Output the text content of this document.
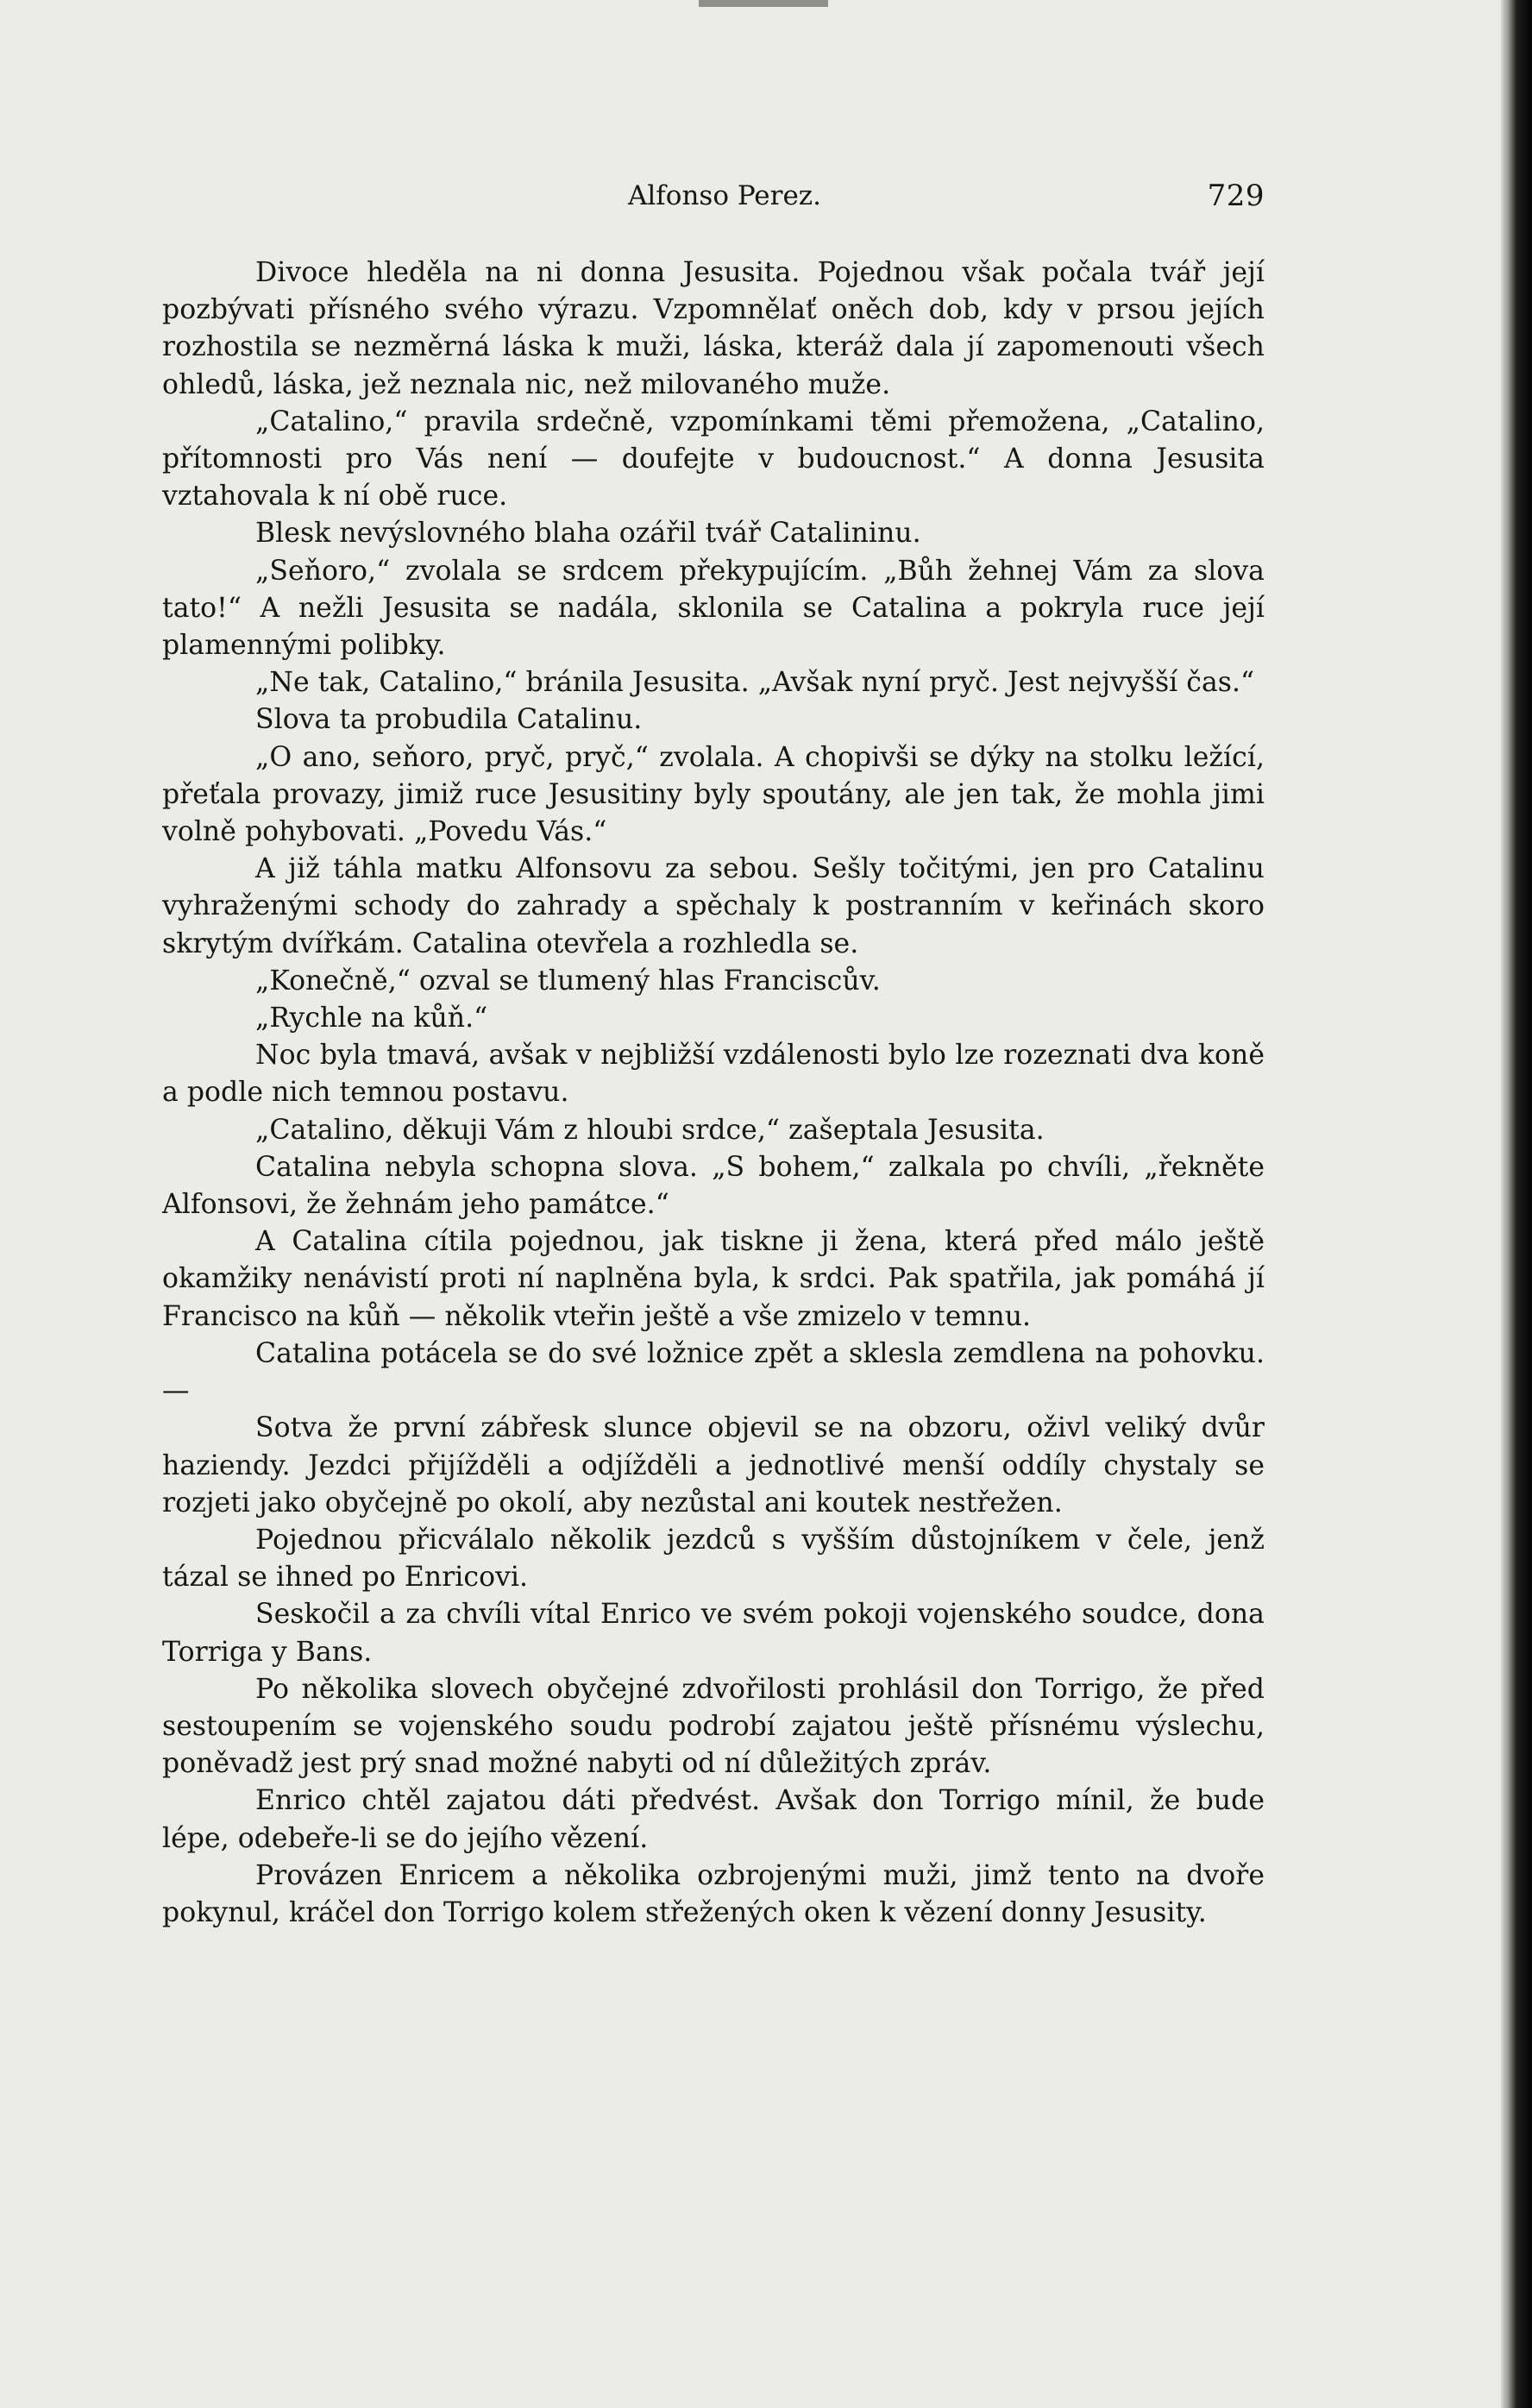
Alfonso Perez.	729

Divoce hleděla na ni donna Jesusita. Pojednou však počala tvář její pozbývati přísného svého výrazu. Vzpomnělať oněch dob, kdy v prsou jejích rozhostila se nezměrná láska k muži, láska, kteráž dala jí zapomenouti všech ohledů, láska, jež neznala nic, než milovaného muže.

„Catalino,“ pravila srdečně, vzpomínkami těmi přemožena, „Catalino, přítomnosti pro Vás není — doufejte v budoucnost.“ A donna Jesusita vztahovala k ní obě ruce.

Blesk nevýslovného blaha ozářil tvář Catalininu.

„Seňoro,“ zvolala se srdcem překypujícím. „Bůh žehnej Vám za slova tato!“ A nežli Jesusita se nadála, sklonila se Catalina a pokryla ruce její plamennými polibky.

„Ne tak, Catalino,“ bránila Jesusita. „Avšak nyní pryč. Jest nejvyšší čas.“

Slova ta probudila Catalinu.

„O ano, seňoro, pryč, pryč,“ zvolala. A chopivši se dýky na stolku ležící, přeťala provazy, jimiž ruce Jesusitiny byly spoutány, ale jen tak, že mohla jimi volně pohybovati. „Povedu Vás.“

A již táhla matku Alfonsovu za sebou. Sešly točitými, jen pro Catalinu vyhraženými schody do zahrady a spěchaly k postranním v keřinách skoro skrytým dvířkám. Catalina otevřela a rozhledla se.

„Konečně,“ ozval se tlumený hlas Franciscův.

„Rychle na kůň.“

Noc byla tmavá, avšak v nejbližší vzdálenosti bylo lze rozeznati dva koně a podle nich temnou postavu.

„Catalino, děkuji Vám z hloubi srdce,“ zašeptala Jesusita.

Catalina nebyla schopna slova. „S bohem,“ zalkala po chvíli, „řekněte Alfonsovi, že žehnám jeho památce.“

A Catalina cítila pojednou, jak tiskne ji žena, která před málo ještě okamžiky nenávistí proti ní naplněna byla, k srdci. Pak spatřila, jak pomáhá jí Francisco na kůň — několik vteřin ještě a vše zmizelo v temnu.

Catalina potácela se do své ložnice zpět a sklesla zemdlena na pohovku. —

Sotva že první zábřesk slunce objevil se na obzoru, oživl veliký dvůr haziendy. Jezdci přijížděli a odjížděli a jednotlivé menší oddíly chystaly se rozjeti jako obyčejně po okolí, aby nezůstal ani koutek nestřežen.

Pojednou přicválalo několik jezdců s vyšším důstojníkem v čele, jenž tázal se ihned po Enricovi.

Seskočil a za chvíli vítal Enrico ve svém pokoji vojenského soudce, dona Torriga y Bans.

Po několika slovech obyčejné zdvořilosti prohlásil don Torrigo, že před sestoupením se vojenského soudu podrobí zajatou ještě přísnému výslechu, poněvadž jest prý snad možné nabyti od ní důležitých zpráv.

Enrico chtěl zajatou dáti předvést. Avšak don Torrigo mínil, že bude lépe, odebeře-li se do jejího vězení.

Provázen Enricem a několika ozbrojenými muži, jimž tento na dvoře pokynul, kráčel don Torrigo kolem střežených oken k vězení donny Jesusity.
